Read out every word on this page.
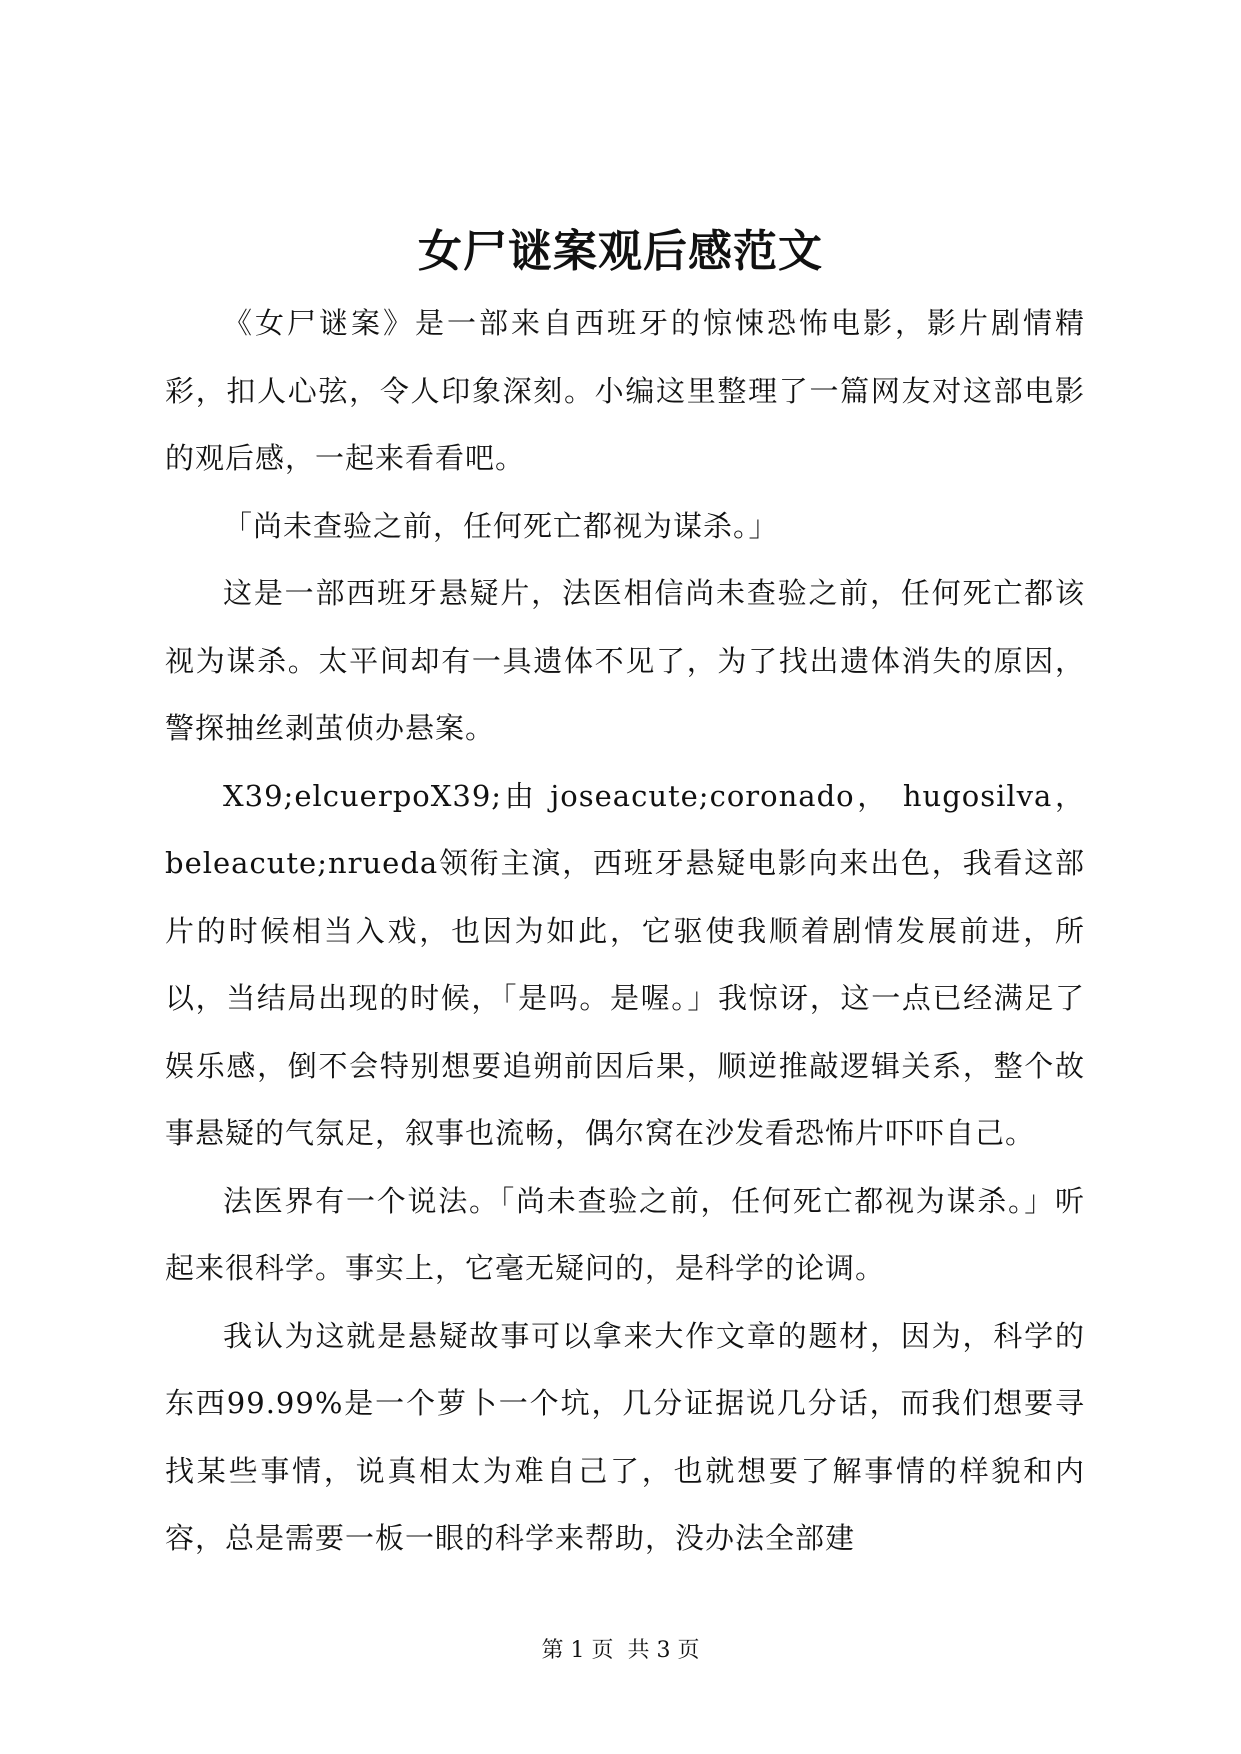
女尸谜案观后感范文

《女尸谜案》是一部来自西班牙的惊悚恐怖电影，影片剧情精彩，扣人心弦，令人印象深刻。小编这里整理了一篇网友对这部电影的观后感，一起来看看吧。

「尚未查验之前，任何死亡都视为谋杀。」

这是一部西班牙悬疑片，法医相信尚未查验之前，任何死亡都该视为谋杀。太平间却有一具遗体不见了，为了找出遗体消失的原因，警探抽丝剥茧侦办悬案。

X39;elcuerpoX39;由 joseacute;coronado， hugosilva， beleacute;nrueda领衔主演，西班牙悬疑电影向来出色，我看这部片的时候相当入戏，也因为如此，它驱使我顺着剧情发展前进，所以，当结局出现的时候，「是吗。是喔。」我惊讶，这一点已经满足了娱乐感，倒不会特别想要追朔前因后果，顺逆推敲逻辑关系，整个故事悬疑的气氛足，叙事也流畅，偶尔窝在沙发看恐怖片吓吓自己。

法医界有一个说法。「尚未查验之前，任何死亡都视为谋杀。」听起来很科学。事实上，它毫无疑问的，是科学的论调。

我认为这就是悬疑故事可以拿来大作文章的题材，因为，科学的东西99.99%是一个萝卜一个坑，几分证据说几分话，而我们想要寻找某些事情，说真相太为难自己了，也就想要了解事情的样貌和内容，总是需要一板一眼的科学来帮助，没办法全部建

第 1 页  共 3 页
